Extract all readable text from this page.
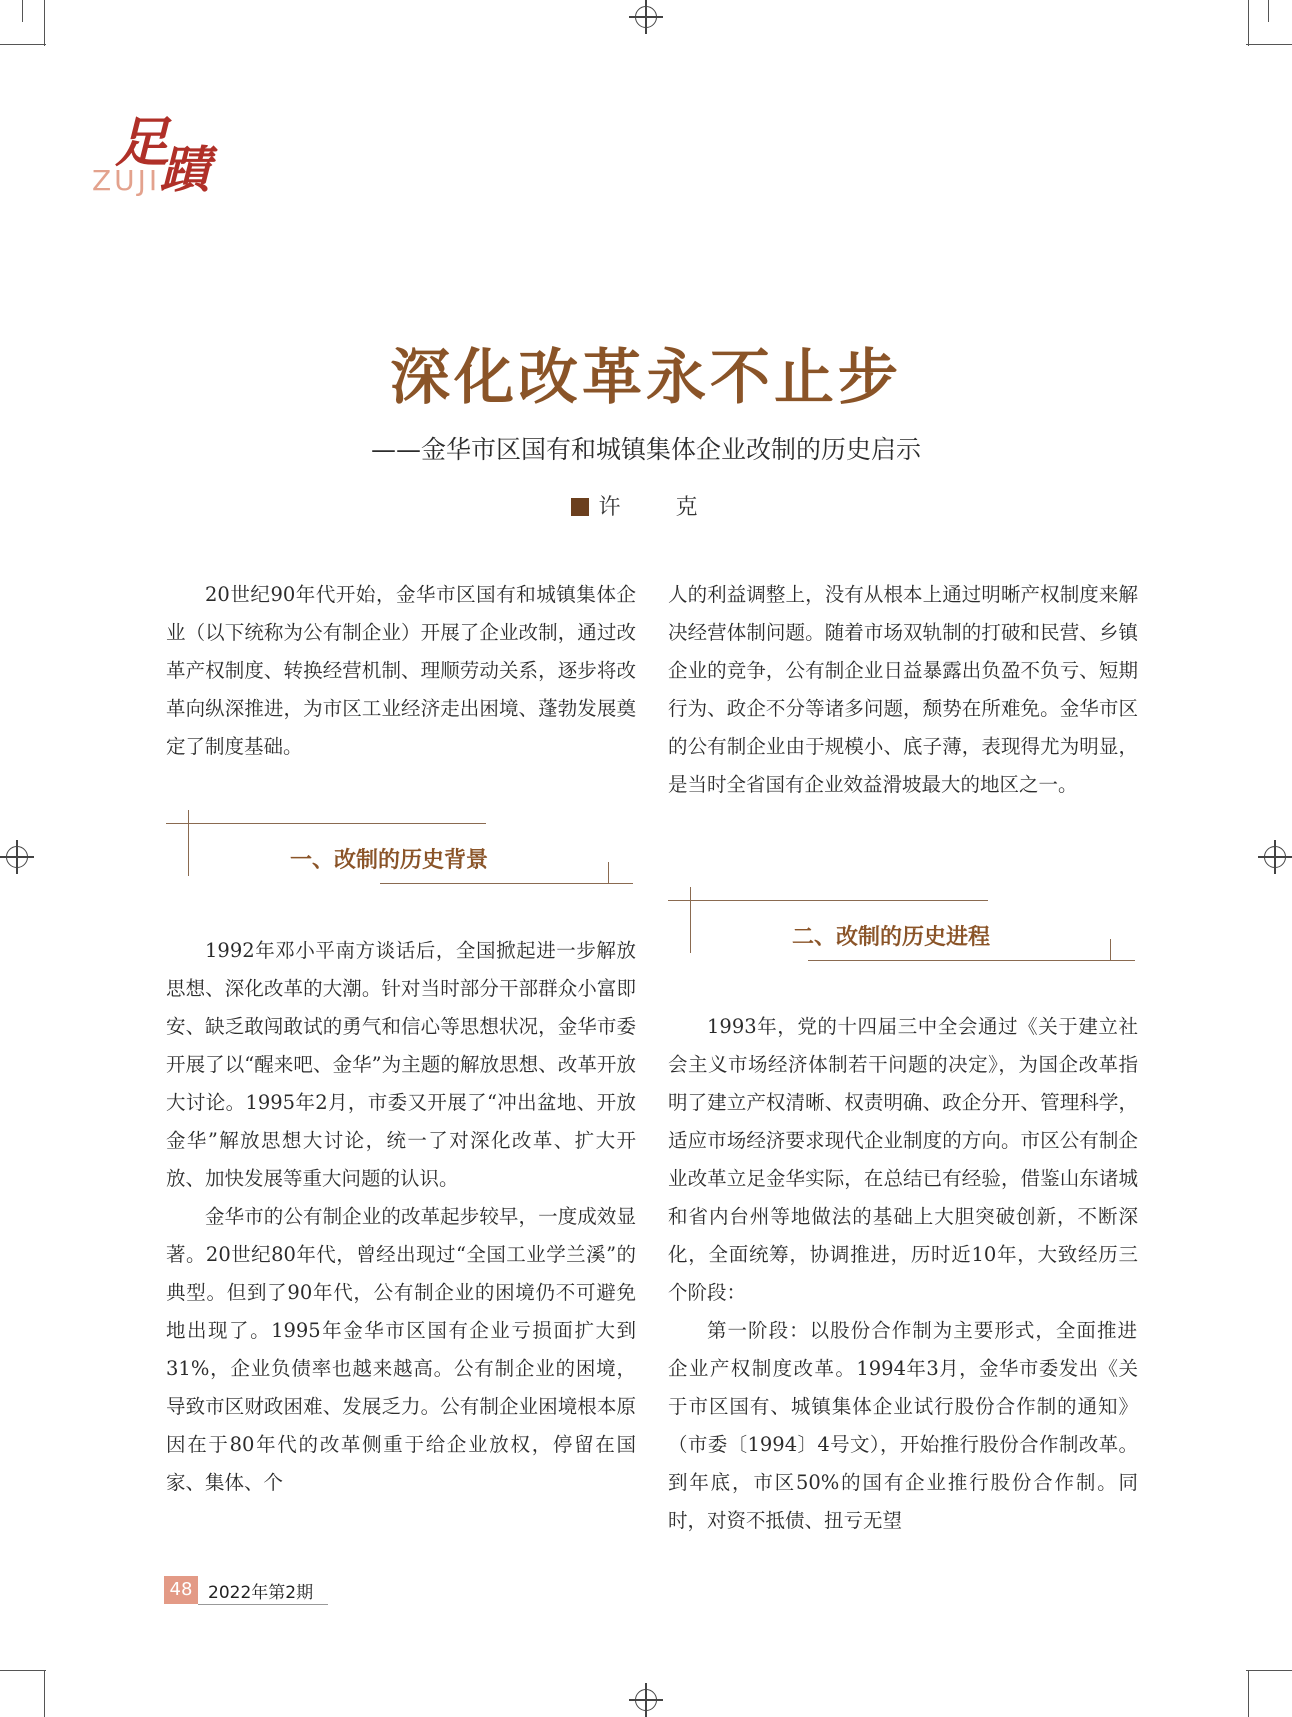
足
蹟
ZUJI
深化改革永不止步
——金华市区国有和城镇集体企业改制的历史启示
许 克

20世纪90年代开始，金华市区国有和城镇集体企业（以下统称为公有制企业）开展了企业改制，通过改革产权制度、转换经营机制、理顺劳动关系，逐步将改革向纵深推进，为市区工业经济走出困境、蓬勃发展奠定了制度基础。

一、改制的历史背景

1992年邓小平南方谈话后，全国掀起进一步解放思想、深化改革的大潮。针对当时部分干部群众小富即安、缺乏敢闯敢试的勇气和信心等思想状况，金华市委开展了以“醒来吧、金华”为主题的解放思想、改革开放大讨论。1995年2月，市委又开展了“冲出盆地、开放金华”解放思想大讨论，统一了对深化改革、扩大开放、加快发展等重大问题的认识。

金华市的公有制企业的改革起步较早，一度成效显著。20世纪80年代，曾经出现过“全国工业学兰溪”的典型。但到了90年代，公有制企业的困境仍不可避免地出现了。1995年金华市区国有企业亏损面扩大到31%，企业负债率也越来越高。公有制企业的困境，导致市区财政困难、发展乏力。公有制企业困境根本原因在于80年代的改革侧重于给企业放权，停留在国家、集体、个

人的利益调整上，没有从根本上通过明晰产权制度来解决经营体制问题。随着市场双轨制的打破和民营、乡镇企业的竞争，公有制企业日益暴露出负盈不负亏、短期行为、政企不分等诸多问题，颓势在所难免。金华市区的公有制企业由于规模小、底子薄，表现得尤为明显，是当时全省国有企业效益滑坡最大的地区之一。

二、改制的历史进程

1993年，党的十四届三中全会通过《关于建立社会主义市场经济体制若干问题的决定》，为国企改革指明了建立产权清晰、权责明确、政企分开、管理科学，适应市场经济要求现代企业制度的方向。市区公有制企业改革立足金华实际，在总结已有经验，借鉴山东诸城和省内台州等地做法的基础上大胆突破创新，不断深化，全面统筹，协调推进，历时近10年，大致经历三个阶段：

第一阶段：以股份合作制为主要形式，全面推进企业产权制度改革。1994年3月，金华市委发出《关于市区国有、城镇集体企业试行股份合作制的通知》（市委〔1994〕4号文），开始推行股份合作制改革。到年底，市区50%的国有企业推行股份合作制。同时，对资不抵债、扭亏无望

48 2022年第2期
